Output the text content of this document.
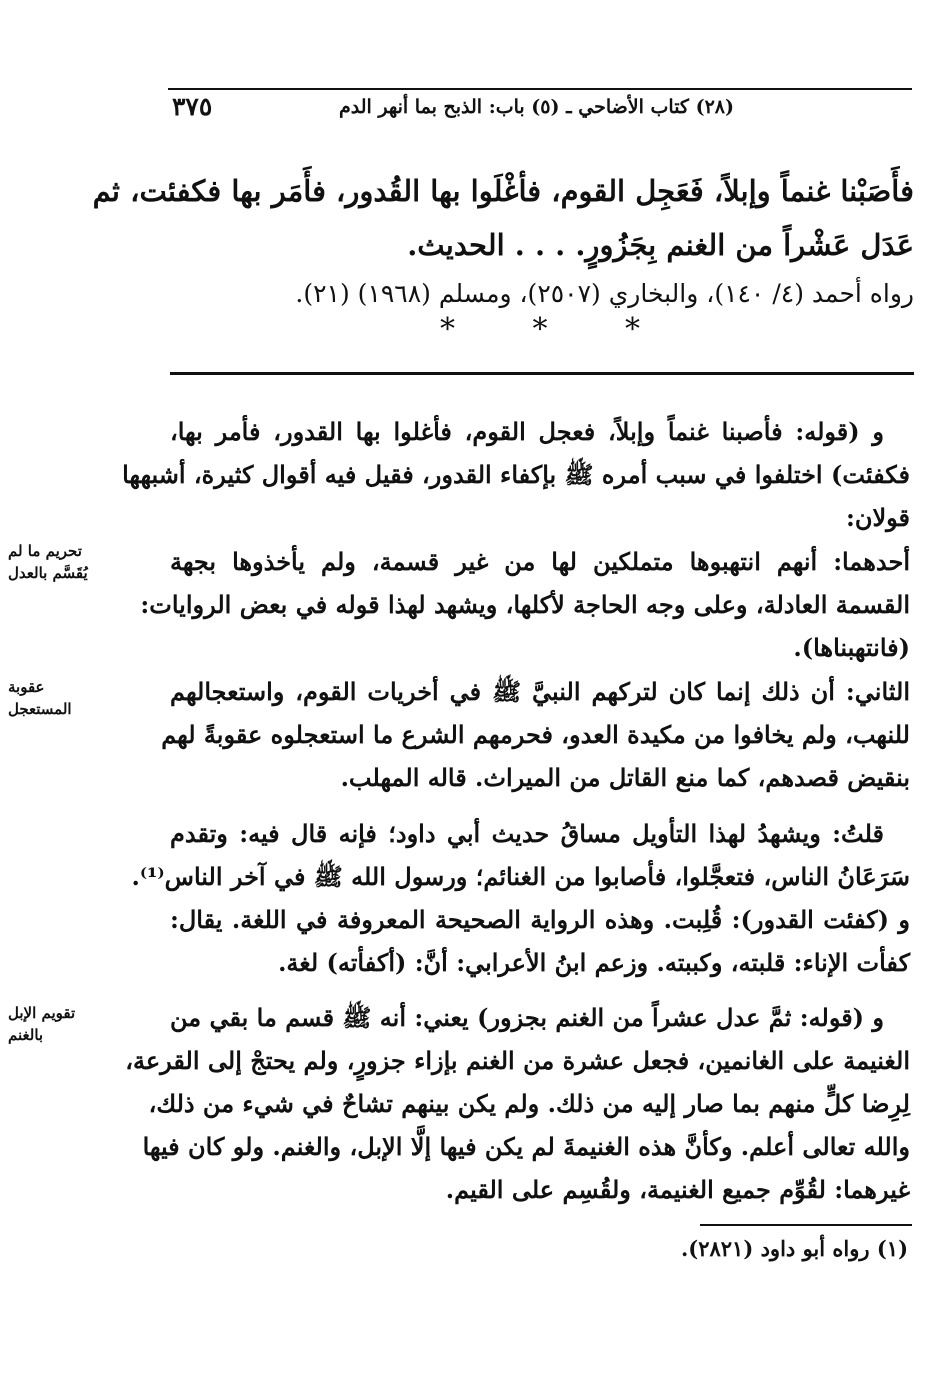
(٢٨) كتاب الأضاحي ـ (٥) باب: الذبح بما أنهر الدم
٣٧٥
فأَصَبْنا غنماً وإبلاً، فَعَجِل القوم، فأغْلَوا بها القُدور، فأَمَر بها فكفئت، ثم
عَدَل عَشْراً من الغنم بِجَزُورٍ. . . . الحديث.
رواه أحمد (٤/ ١٤٠)، والبخاري (٢٥٠٧)، ومسلم (١٩٦٨) (٢١).
*	*	*
و (قوله: فأصبنا غنماً وإبلاً، فعجل القوم، فأغلوا بها القدور، فأمر بها،
فكفئت) اختلفوا في سبب أمره ﷺ بإكفاء القدور، فقيل فيه أقوال كثيرة، أشبهها
قولان:
أحدهما: أنهم انتهبوها متملكين لها من غير قسمة، ولم يأخذوها بجهة
القسمة العادلة، وعلى وجه الحاجة لأكلها، ويشهد لهذا قوله في بعض الروايات:
(فانتهبناها).
الثاني: أن ذلك إنما كان لتركهم النبيَّ ﷺ في أخريات القوم، واستعجالهم
للنهب، ولم يخافوا من مكيدة العدو، فحرمهم الشرع ما استعجلوه عقوبةً لهم
بنقيض قصدهم، كما منع القاتل من الميراث. قاله المهلب.
قلتُ: ويشهدُ لهذا التأويل مساقُ حديث أبي داود؛ فإنه قال فيه: وتقدم
سَرَعَانُ الناس، فتعجَّلوا، فأصابوا من الغنائم؛ ورسول الله ﷺ في آخر الناس⁽¹⁾.
و (كفئت القدور): قُلِبت. وهذه الرواية الصحيحة المعروفة في اللغة. يقال:
كفأت الإناء: قلبته، وكببته. وزعم ابنُ الأعرابي: أنَّ: (أكفأته) لغة.
و (قوله: ثمَّ عدل عشراً من الغنم بجزور) يعني: أنه ﷺ قسم ما بقي من
الغنيمة على الغانمين، فجعل عشرة من الغنم بإزاء جزورٍ، ولم يحتجْ إلى القرعة،
لِرِضا كلٍّ منهم بما صار إليه من ذلك. ولم يكن بينهم تشاحٌ في شيء من ذلك،
والله تعالى أعلم. وكأنَّ هذه الغنيمةَ لم يكن فيها إلَّا الإبل، والغنم. ولو كان فيها
غيرهما: لقُوِّم جميع الغنيمة، ولقُسِم على القيم.
تحريم ما لم
يُقَسَّم بالعدل
عقوبة
المستعجل
تقويم الإبل
بالغنم
(١) رواه أبو داود (٢٨٢١).
